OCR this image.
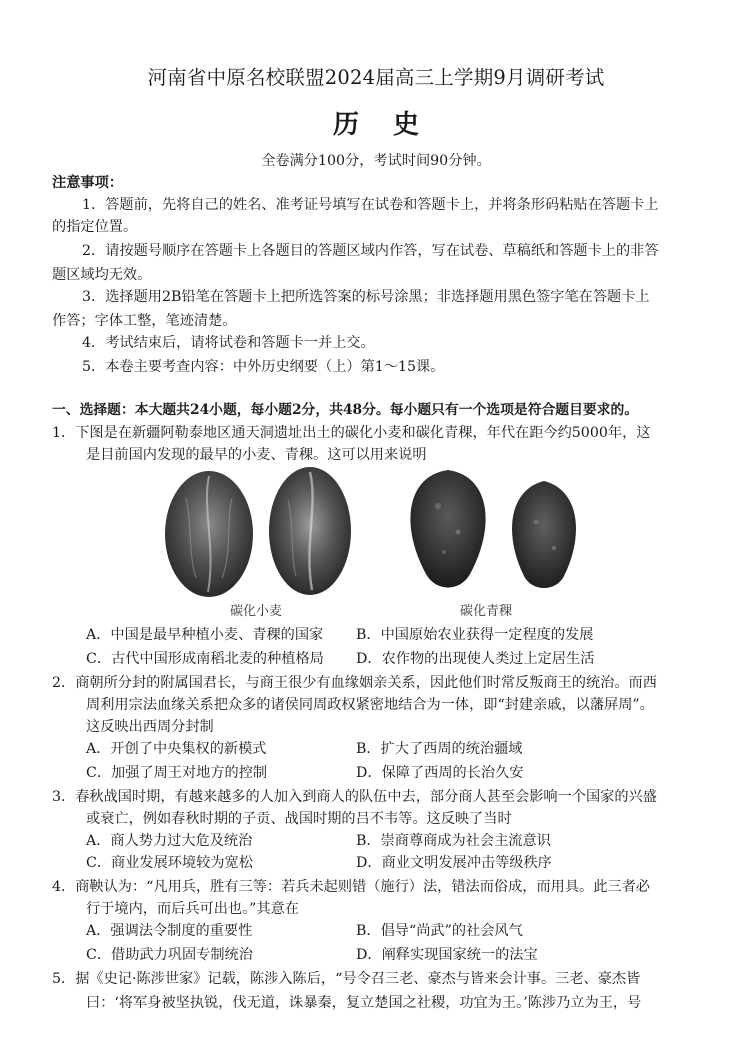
河南省中原名校联盟2024届高三上学期9月调研考试
历史
全卷满分100分，考试时间90分钟。
注意事项：
1．答题前，先将自己的姓名、准考证号填写在试卷和答题卡上，并将条形码粘贴在答题卡上
的指定位置。
2．请按题号顺序在答题卡上各题目的答题区域内作答，写在试卷、草稿纸和答题卡上的非答
题区域均无效。
3．选择题用2B铅笔在答题卡上把所选答案的标号涂黑；非选择题用黑色签字笔在答题卡上
作答；字体工整，笔迹清楚。
4．考试结束后，请将试卷和答题卡一并上交。
5．本卷主要考查内容：中外历史纲要（上）第1～15课。
一、选择题：本大题共24小题，每小题2分，共48分。每小题只有一个选项是符合题目要求的。
1．下图是在新疆阿勒泰地区通天洞遗址出土的碳化小麦和碳化青稞，年代在距今约5000年，这
是目前国内发现的最早的小麦、青稞。这可以用来说明
碳化小麦	碳化青稞
A．中国是最早种植小麦、青稞的国家 B．中国原始农业获得一定程度的发展
C．古代中国形成南稻北麦的种植格局 D．农作物的出现使人类过上定居生活
2．商朝所分封的附属国君长，与商王很少有血缘姻亲关系，因此他们时常反叛商王的统治。而西
周利用宗法血缘关系把众多的诸侯同周政权紧密地结合为一体，即“封建亲戚，以藩屏周”。
这反映出西周分封制
A．开创了中央集权的新模式	B．扩大了西周的统治疆域
C．加强了周王对地方的控制	D．保障了西周的长治久安
3．春秋战国时期，有越来越多的人加入到商人的队伍中去，部分商人甚至会影响一个国家的兴盛
或衰亡，例如春秋时期的子贡、战国时期的吕不韦等。这反映了当时
A．商人势力过大危及统治	B．崇商尊商成为社会主流意识
C．商业发展环境较为宽松	D．商业文明发展冲击等级秩序
4．商鞅认为：“凡用兵，胜有三等：若兵未起则错（施行）法，错法而俗成，而用具。此三者必
行于境内，而后兵可出也。”其意在
A．强调法令制度的重要性	B．倡导“尚武”的社会风气
C．借助武力巩固专制统治	D．阐释实现国家统一的法宝
5．据《史记·陈涉世家》记载，陈涉入陈后，“号令召三老、豪杰与皆来会计事。三老、豪杰皆
曰：‘将军身被坚执锐，伐无道，诛暴秦，复立楚国之社稷，功宜为王。’陈涉乃立为王，号
